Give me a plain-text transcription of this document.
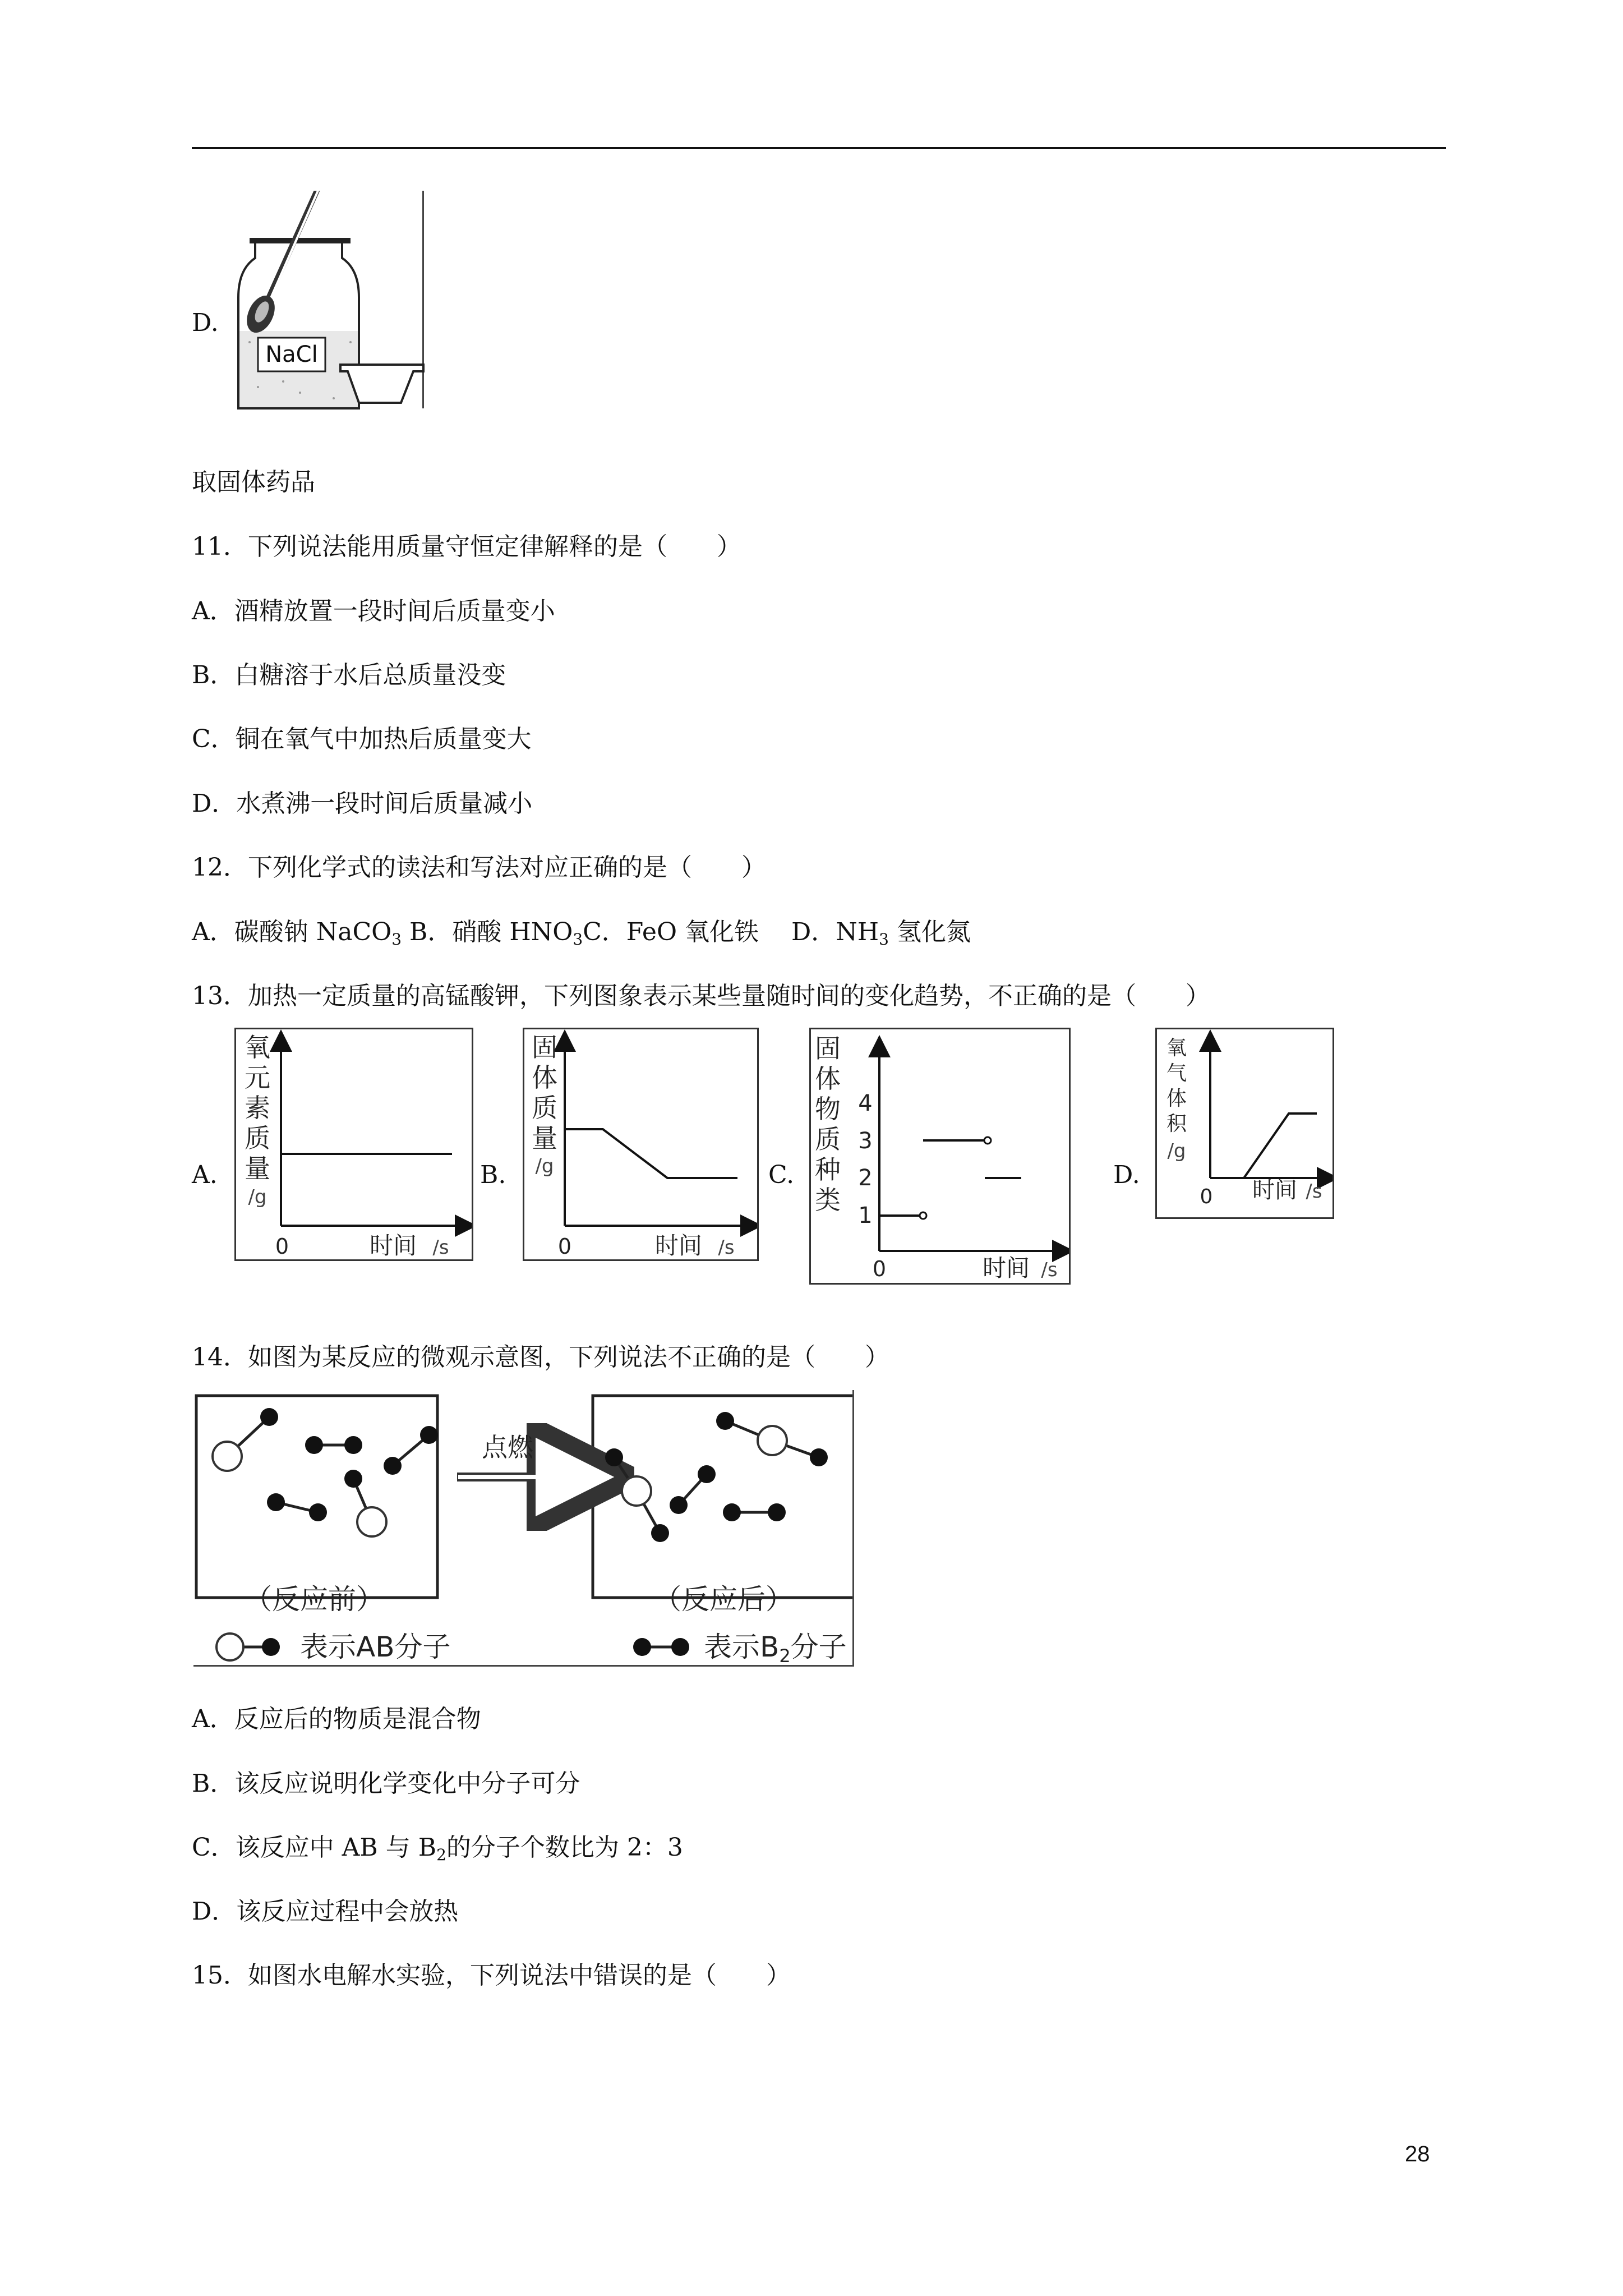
D.
NaCl
取固体药品
11．下列说法能用质量守恒定律解释的是（　　）
A．酒精放置一段时间后质量变小
B．白糖溶于水后总质量没变
C．铜在氧气中加热后质量变大
D．水煮沸一段时间后质量减小
12．下列化学式的读法和写法对应正确的是（　　）
A．碳酸钠 NaCO$_3$ B．硝酸 $HNO_3C$．FeO 氧化铁　 D．$NH_3$ 氢化氮
13．加热一定质量的高锰酸钾，下列图象表示某些量随时间的变化趋势，不正确的是（　　）
A.
氧元素质量
/g
0	时间 /s
B.
固体质量
/g
0	时间 /s
C.
固体物质种类
4
3
2
1
0	时间 /s
D.
氧气体积
/g
0 时间 /s
14．如图为某反应的微观示意图，下列说法不正确的是（　　）
点燃
（反应前）	（反应后）
表示AB分子	表示$B_2$分子
A．反应后的物质是混合物
B．该反应说明化学变化中分子可分
C．该反应中 AB 与 $B_2$的分子个数比为 2：3
D．该反应过程中会放热
15．如图水电解水实验，下列说法中错误的是（　　）
28
